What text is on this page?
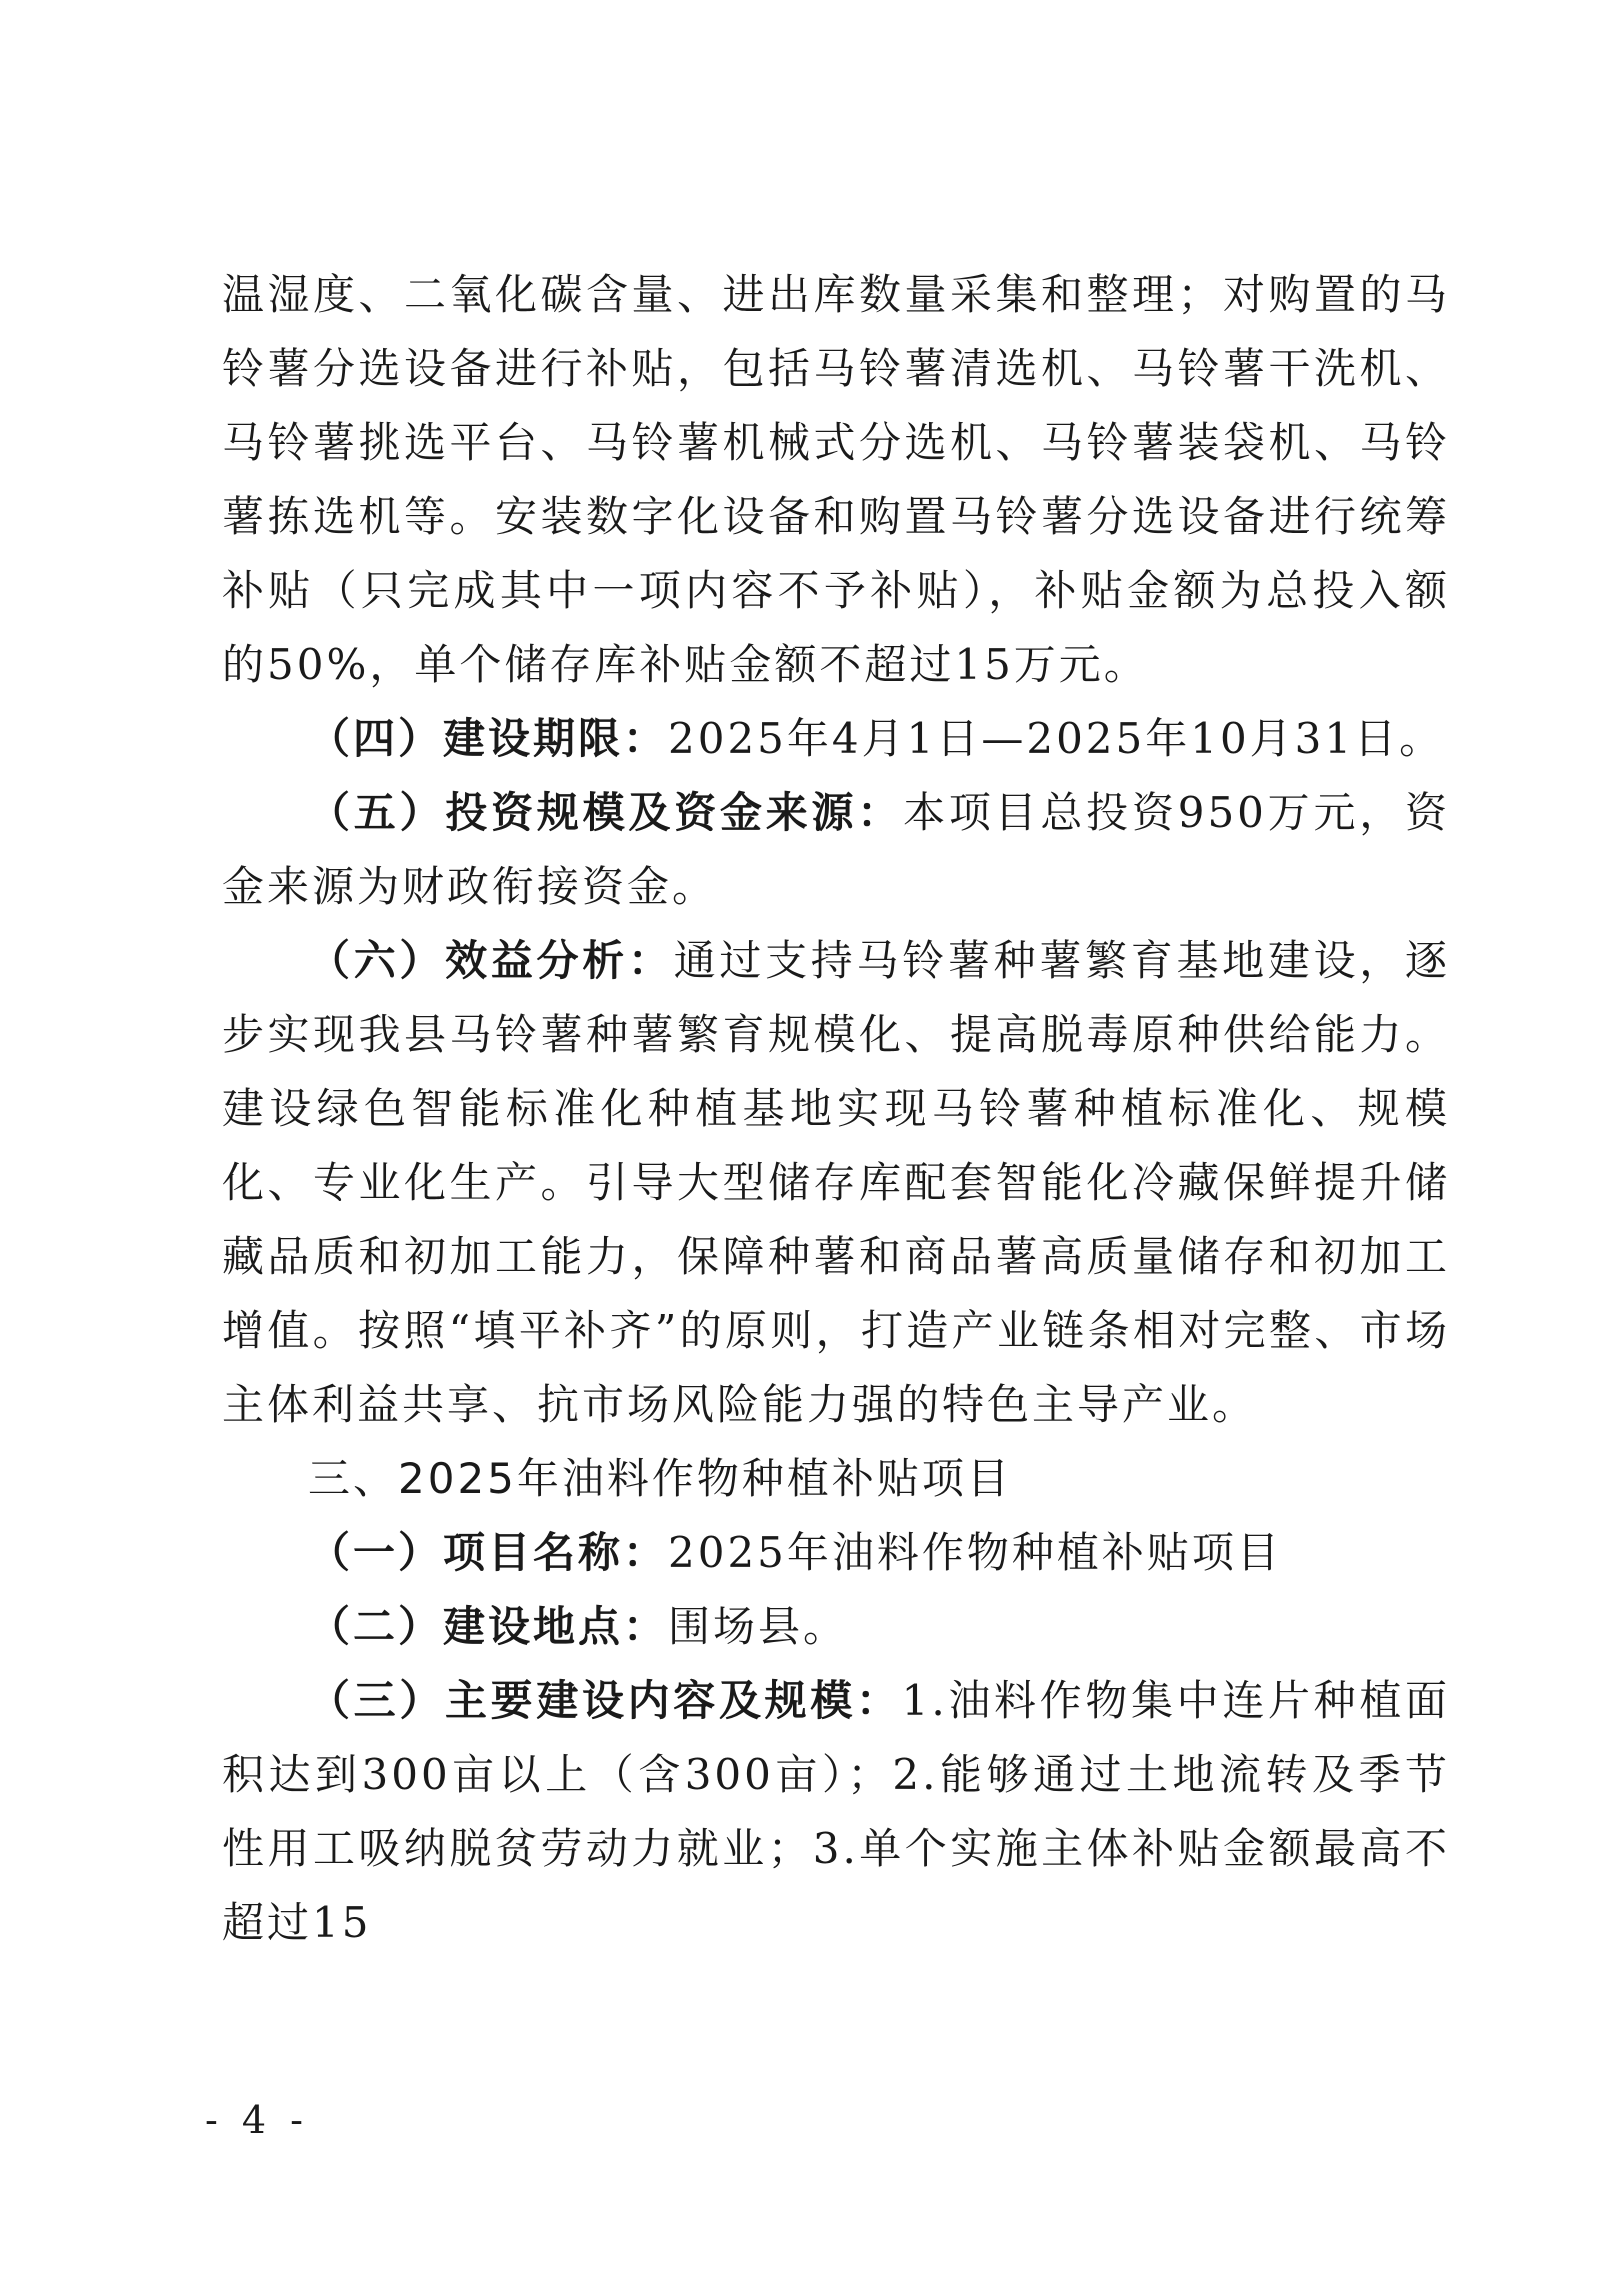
温湿度、二氧化碳含量、进出库数量采集和整理；对购置的马铃薯分选设备进行补贴，包括马铃薯清选机、马铃薯干洗机、马铃薯挑选平台、马铃薯机械式分选机、马铃薯装袋机、马铃薯拣选机等。安装数字化设备和购置马铃薯分选设备进行统筹补贴（只完成其中一项内容不予补贴），补贴金额为总投入额的50%，单个储存库补贴金额不超过15万元。

（四）建设期限：2025年4月1日—2025年10月31日。

（五）投资规模及资金来源：本项目总投资950万元，资金来源为财政衔接资金。

（六）效益分析：通过支持马铃薯种薯繁育基地建设，逐步实现我县马铃薯种薯繁育规模化、提高脱毒原种供给能力。建设绿色智能标准化种植基地实现马铃薯种植标准化、规模化、专业化生产。引导大型储存库配套智能化冷藏保鲜提升储藏品质和初加工能力，保障种薯和商品薯高质量储存和初加工增值。按照“填平补齐”的原则，打造产业链条相对完整、市场主体利益共享、抗市场风险能力强的特色主导产业。

三、2025年油料作物种植补贴项目

（一）项目名称：2025年油料作物种植补贴项目

（二）建设地点：围场县。

（三）主要建设内容及规模：1.油料作物集中连片种植面积达到300亩以上（含300亩）；2.能够通过土地流转及季节性用工吸纳脱贫劳动力就业；3.单个实施主体补贴金额最高不超过15

- 4 -
